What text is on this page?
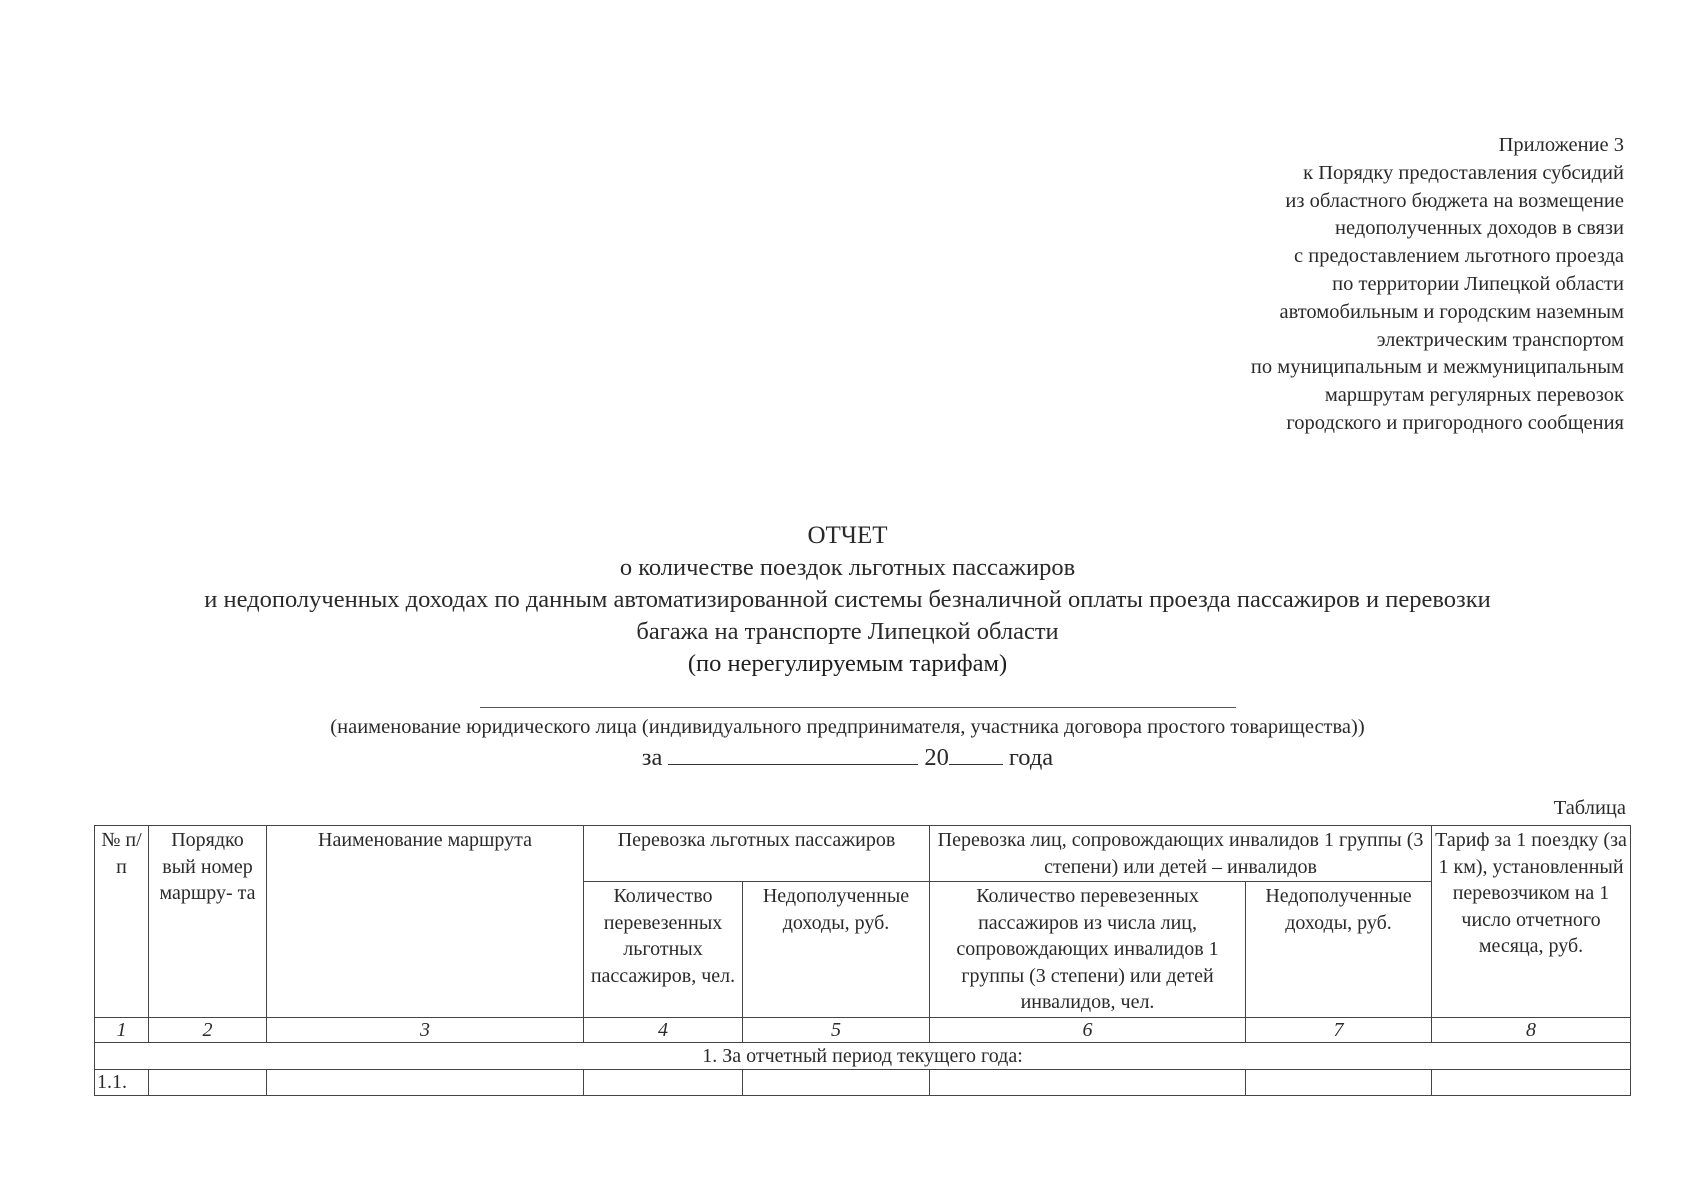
Приложение 3
к Порядку предоставления субсидий
из областного бюджета на возмещение
недополученных доходов в связи
с предоставлением льготного проезда
по территории Липецкой области
автомобильным и городским наземным
электрическим транспортом
по муниципальным и межмуниципальным
маршрутам регулярных перевозок
городского и пригородного сообщения
ОТЧЕТ
о количестве поездок льготных пассажиров
и недополученных доходах по данным автоматизированной системы безналичной оплаты проезда пассажиров и перевозки
багажа на транспорте Липецкой области
(по нерегулируемым тарифам)
(наименование юридического лица (индивидуального предпринимателя, участника договора простого товарищества))
за	20 года
Таблица
№ п/п	Порядко вый номер маршру- та	Наименование маршрута	Перевозка льготных пассажиров		Перевозка лиц, сопровождающих инвалидов 1 группы (3 степени) или детей – инвалидов		Тариф за 1 поездку (за 1 км), установленный перевозчиком на 1 число отчетного месяца, руб.
			Количество перевезенных льготных пассажиров, чел.	Недополученные доходы, руб.	Количество перевезенных пассажиров из числа лиц, сопровождающих инвалидов 1 группы (3 степени) или детей инвалидов, чел.	Недополученные доходы, руб.	
1	2	3	4	5	6	7	8
1. За отчетный период текущего года:							
1.1.							
